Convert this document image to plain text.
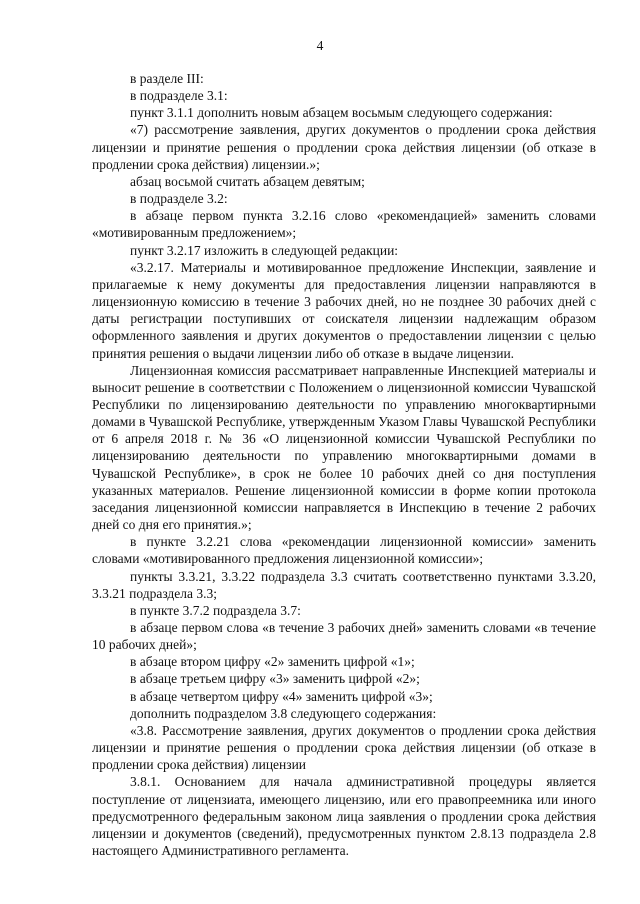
4

в разделе III:

в подразделе 3.1:

пункт 3.1.1 дополнить новым абзацем восьмым следующего содержания:

«7) рассмотрение заявления, других документов о продлении срока действия лицензии и принятие решения о продлении срока действия лицензии (об отказе в продлении срока действия) лицензии.»;

абзац восьмой считать абзацем девятым;

в подразделе 3.2:

в абзаце первом пункта 3.2.16 слово «рекомендацией» заменить словами «мотивированным предложением»;

пункт 3.2.17 изложить в следующей редакции:

«3.2.17. Материалы и мотивированное предложение Инспекции, заявление и прилагаемые к нему документы для предоставления лицензии направляются в лицензионную комиссию в течение 3 рабочих дней, но не позднее 30 рабочих дней с даты регистрации поступивших от соискателя лицензии надлежащим образом оформленного заявления и других документов о предоставлении лицензии с целью принятия решения о выдачи лицензии либо об отказе в выдаче лицензии.

Лицензионная комиссия рассматривает направленные Инспекцией материалы и выносит решение в соответствии с Положением о лицензионной комиссии Чувашской Республики по лицензированию деятельности по управлению многоквартирными домами в Чувашской Республике, утвержденным Указом Главы Чувашской Республики от 6 апреля 2018 г. № 36 «О лицензионной комиссии Чувашской Республики по лицензированию деятельности по управлению многоквартирными домами в Чувашской Республике», в срок не более 10 рабочих дней со дня поступления указанных материалов. Решение лицензионной комиссии в форме копии протокола заседания лицензионной комиссии направляется в Инспекцию в течение 2 рабочих дней со дня его принятия.»;

в пункте 3.2.21 слова «рекомендации лицензионной комиссии» заменить словами «мотивированного предложения лицензионной комиссии»;

пункты 3.3.21, 3.3.22 подраздела 3.3 считать соответственно пунктами 3.3.20, 3.3.21 подраздела 3.3;

в пункте 3.7.2 подраздела 3.7:

в абзаце первом слова «в течение 3 рабочих дней» заменить словами «в течение 10 рабочих дней»;

в абзаце втором цифру «2» заменить цифрой «1»;

в абзаце третьем цифру «3» заменить цифрой «2»;

в абзаце четвертом цифру «4» заменить цифрой «3»;

дополнить подразделом 3.8 следующего содержания:

«3.8. Рассмотрение заявления, других документов о продлении срока действия лицензии и принятие решения о продлении срока действия лицензии (об отказе в продлении срока действия) лицензии

3.8.1. Основанием для начала административной процедуры является поступление от лицензиата, имеющего лицензию, или его правопреемника или иного предусмотренного федеральным законом лица заявления о продлении срока действия лицензии и документов (сведений), предусмотренных пунктом 2.8.13 подраздела 2.8 настоящего Административного регламента.
